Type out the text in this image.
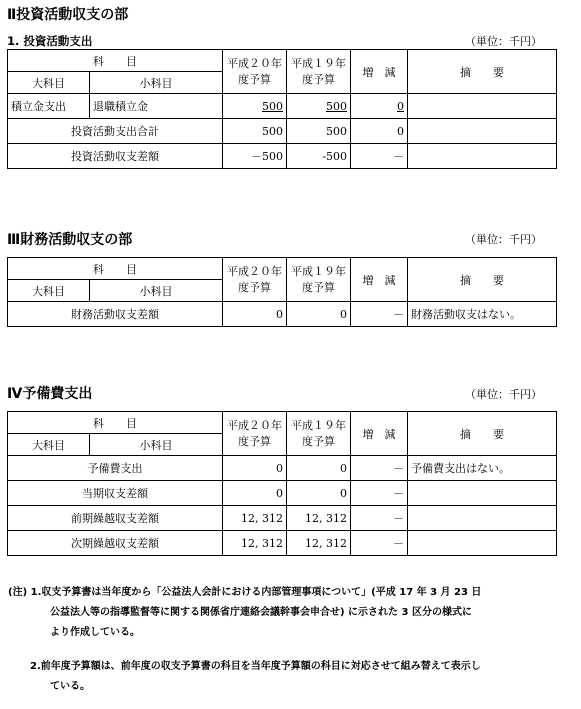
Ⅱ投資活動収支の部
1. 投資活動支出	（単位：千円）
科　　目		平成２０年度予算	平成１９年度予算	増　減	摘　　要
大科目	小科目				
積立金支出	退職積立金	500	500	0	
投資活動支出合計		500	500	0	
投資活動収支差額		－500	-500	－	
Ⅲ財務活動収支の部	（単位：千円）
科　　目		平成２０年度予算	平成１９年度予算	増　減	摘　　要
大科目	小科目				
財務活動収支差額		0	0	－	財務活動収支はない。
Ⅳ予備費支出	（単位：千円）
科　　目		平成２０年度予算	平成１９年度予算	増　減	摘　　要
大科目	小科目				
予備費支出		0	0	－	予備費支出はない。
当期収支差額		0	0	－	
前期繰越収支差額		12, 312	12, 312	－	
次期繰越収支差額		12, 312	12, 312	－	
(注) 1.収支予算書は当年度から「公益法人会計における内部管理事項について」(平成 17 年 3 月 23 日
公益法人等の指導監督等に関する関係省庁連絡会議幹事会申合せ) に示された 3 区分の様式に
より作成している。
2.前年度予算額は、前年度の収支予算書の科目を当年度予算額の科目に対応させて組み替えて表示し
ている。
